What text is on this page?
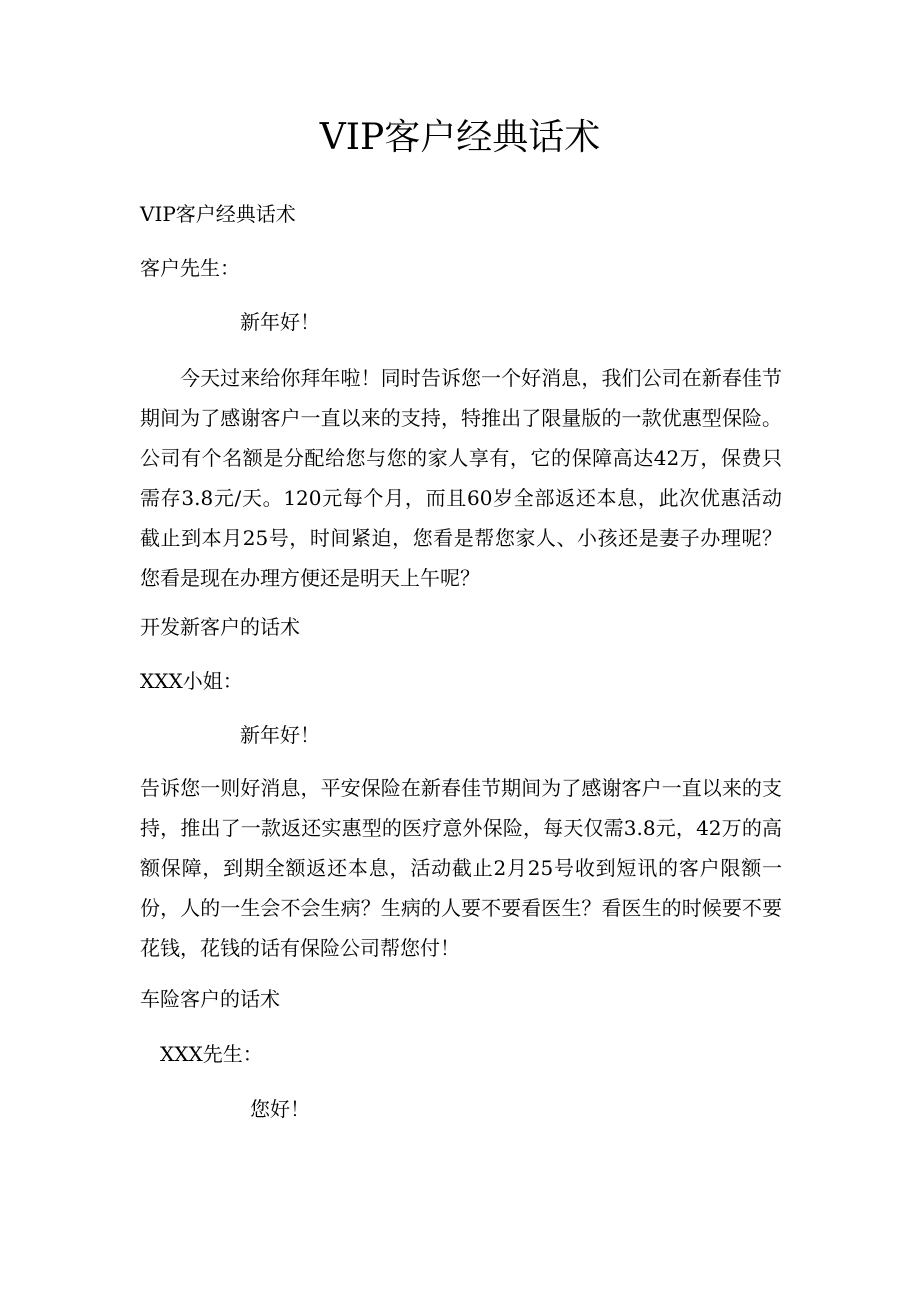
VIP客户经典话术

VIP客户经典话术

客户先生：

新年好！

今天过来给你拜年啦！同时告诉您一个好消息，我们公司在新春佳节期间为了感谢客户一直以来的支持，特推出了限量版的一款优惠型保险。公司有个名额是分配给您与您的家人享有，它的保障高达42万，保费只需存3.8元/天。120元每个月，而且60岁全部返还本息，此次优惠活动截止到本月25号，时间紧迫，您看是帮您家人、小孩还是妻子办理呢？您看是现在办理方便还是明天上午呢？

开发新客户的话术

XXX小姐：

新年好！

告诉您一则好消息，平安保险在新春佳节期间为了感谢客户一直以来的支持，推出了一款返还实惠型的医疗意外保险，每天仅需3.8元，42万的高额保障，到期全额返还本息，活动截止2月25号收到短讯的客户限额一份，人的一生会不会生病？生病的人要不要看医生？看医生的时候要不要花钱，花钱的话有保险公司帮您付！

车险客户的话术

XXX先生：

您好！
